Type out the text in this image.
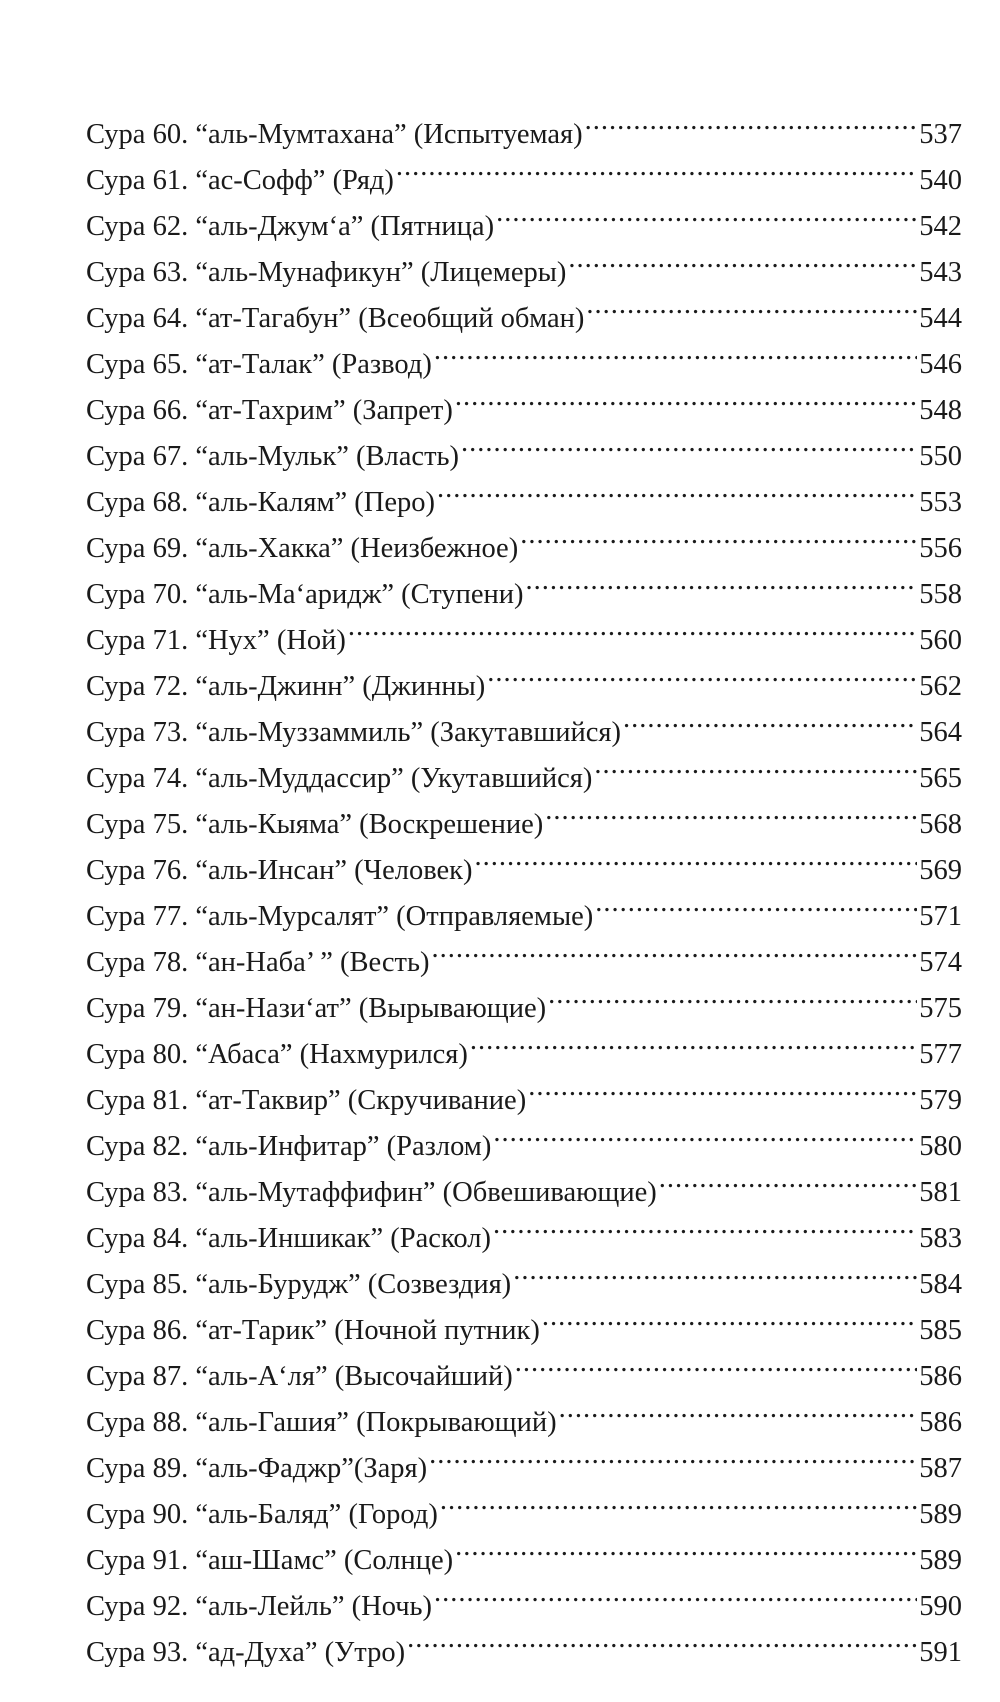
Сура 60. “аль-Мумтахана” (Испытуемая) .....	537
Сура 61. “ас-Софф” (Ряд) .....	540
Сура 62. “аль-Джум‘а” (Пятница) .....	542
Сура 63. “аль-Мунафикун” (Лицемеры) .....	543
Сура 64. “ат-Тагабун” (Всеобщий обман) .....	544
Сура 65. “ат-Талак” (Развод) .....	546
Сура 66. “ат-Тахрим” (Запрет) .....	548
Сура 67. “аль-Мульк” (Власть) .....	550
Сура 68. “аль-Калям” (Перо) .....	553
Сура 69. “аль-Хакка” (Неизбежное) .....	556
Сура 70. “аль-Ма‘аридж” (Ступени) .....	558
Сура 71. “Нух” (Ной) .....	560
Сура 72. “аль-Джинн” (Джинны) .....	562
Сура 73. “аль-Муззаммиль” (Закутавшийся) .....	564
Сура 74. “аль-Муддассир” (Укутавшийся) .....	565
Сура 75. “аль-Кыяма” (Воскрешение) .....	568
Сура 76. “аль-Инсан” (Человек) .....	569
Сура 77. “аль-Мурсалят” (Отправляемые) .....	571
Сура 78. “ан-Наба’ ” (Весть) .....	574
Сура 79. “ан-Нази‘ат” (Вырывающие) .....	575
Сура 80. “Абаса” (Нахмурился) .....	577
Сура 81. “ат-Таквир” (Скручивание) .....	579
Сура 82. “аль-Инфитар” (Разлом) .....	580
Сура 83. “аль-Мутаффифин” (Обвешивающие) .....	581
Сура 84. “аль-Иншикак” (Раскол) .....	583
Сура 85. “аль-Бурудж” (Созвездия) .....	584
Сура 86. “ат-Тарик” (Ночной путник) .....	585
Сура 87. “аль-А‘ля” (Высочайший) .....	586
Сура 88. “аль-Гашия” (Покрывающий) .....	586
Сура 89. “аль-Фаджр”(Заря) .....	587
Сура 90. “аль-Баляд” (Город) .....	589
Сура 91. “аш-Шамс” (Солнце) .....	589
Сура 92. “аль-Лейль” (Ночь) .....	590
Сура 93. “ад-Духа” (Утро) .....	591
